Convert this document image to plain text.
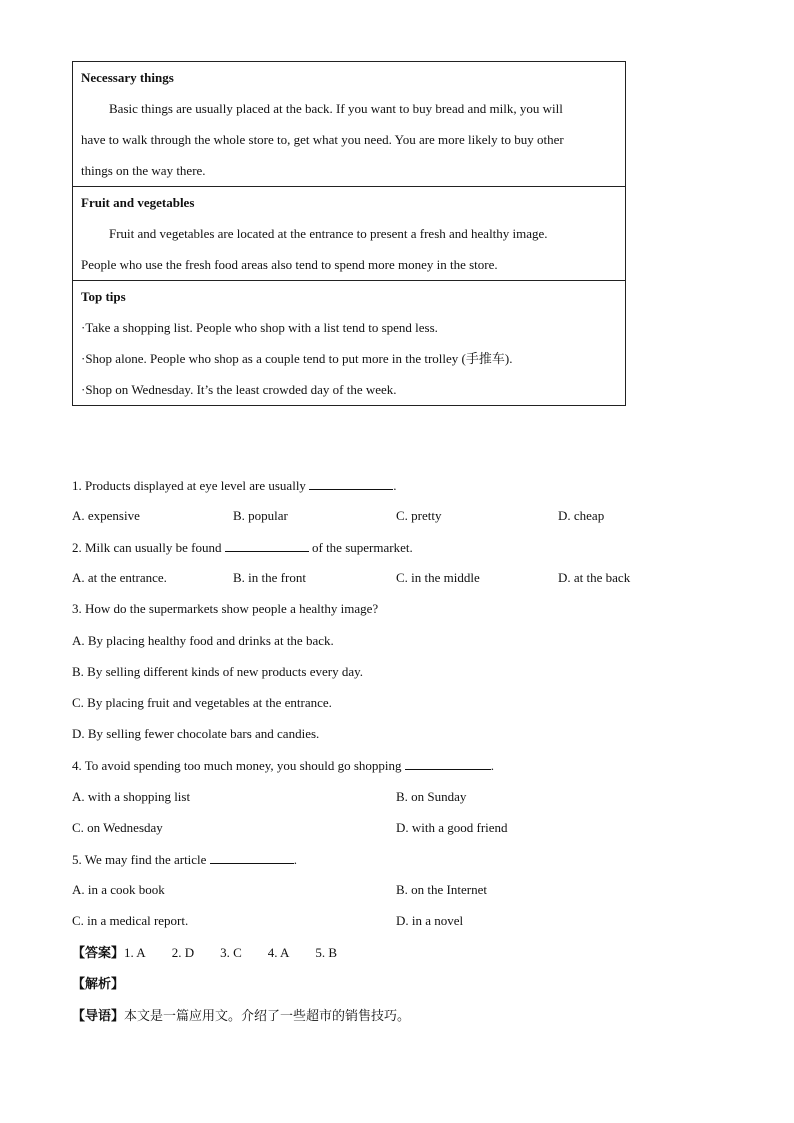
Necessary things
Basic things are usually placed at the back. If you want to buy bread and milk, you will
have to walk through the whole store to, get what you need. You are more likely to buy other
things on the way there.
Fruit and vegetables
Fruit and vegetables are located at the entrance to present a fresh and healthy image.
People who use the fresh food areas also tend to spend more money in the store.
Top tips
·Take a shopping list. People who shop with a list tend to spend less.
·Shop alone. People who shop as a couple tend to put more in the trolley (手推车).
·Shop on Wednesday. It’s the least crowded day of the week.
1. Products displayed at eye level are usually	.
A. expensive	B. popular	C. pretty	D. cheap
2. Milk can usually be found	of the supermarket.
A. at the entrance.	B. in the front	C. in the middle	D. at the back
3. How do the supermarkets show people a healthy image?
A. By placing healthy food and drinks at the back.
B. By selling different kinds of new products every day.
C. By placing fruit and vegetables at the entrance.
D. By selling fewer chocolate bars and candies.
4. To avoid spending too much money, you should go shopping	.
A. with a shopping list	B. on Sunday
C. on Wednesday	D. with a good friend
5. We may find the article	.
A. in a cook book	B. on the Internet
C. in a medical report.	D. in a novel
【答案】1. A 2. D 3. C 4. A 5. B
【解析】
【导语】本文是一篇应用文。介绍了一些超市的销售技巧。
